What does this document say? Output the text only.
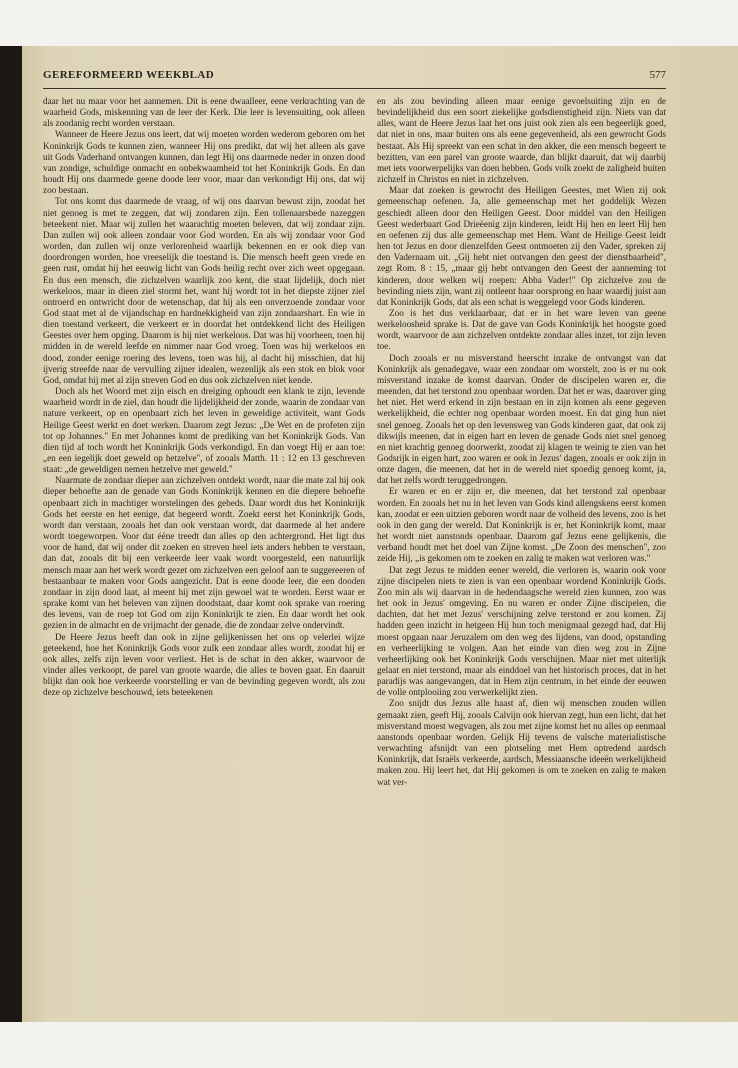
GEREFORMEERD WEEKBLAD	577

daar het nu maar voor het aannemen. Dit is eene dwaalleer, eene verkrachting van de waarheid Gods, miskenning van de leer der Kerk. Die leer is levensuiting, ook alleen als zoodanig recht worden verstaan.

Wanneer de Heere Jezus ons leert, dat wij moeten worden wederom geboren om het Koninkrijk Gods te kunnen zien, wanneer Hij ons predikt, dat wij het alleen als gave uit Gods Vaderhand ontvangen kunnen, dan legt Hij ons daarmede neder in onzen dood van zondige, schuldige onmacht en onbekwaamheid tot het Koninkrijk Gods. En dan houdt Hij ons daarmede geene doode leer voor, maar dan verkondigt Hij ons, dat wij zoo bestaan.

Tot ons komt dus daarmede de vraag, of wij ons daarvan bewust zijn, zoodat het niet genoeg is met te zeggen, dat wij zondaren zijn. Een tollenaarsbede nazeggen beteekent niet. Maar wij zullen het waarachtig moeten beleven, dat wij zondaar zijn. Dan zullen wij ook alleen zondaar voor God worden. En als wij zondaar voor God worden, dan zullen wij onze verlorenheid waarlijk bekennen en er ook diep van doordrongen worden, hoe vreeselijk die toestand is. Die mensch heeft geen vrede en geen rust, omdat hij het eeuwig licht van Gods heilig recht over zich weet opgegaan. En dus een mensch, die zichzelven waarlijk zoo kent, die staat lijdelijk, doch niet werkeloos, maar in dieen ziel stormt het, want hij wordt tot in het diepste zijner ziel ontroerd en ontwricht door de wetenschap, dat hij als een onverzoende zondaar voor God staat met al de vijandschap en hardnekkigheid van zijn zondaarshart. En wie in dien toestand verkeert, die verkeert er in doordat het ontdekkend licht des Heiligen Geestes over hem opging. Daarom is hij niet werkeloos. Dat was hij voorheen, toen hij midden in de wereld leefde en nimmer naar God vroeg. Toen was hij werkeloos en dood, zonder eenige roering des levens, toen was hij, al dacht hij misschien, dat hij ijverig streefde naar de vervulling zijner idealen, wezenlijk als een stok en blok voor God, omdat hij met al zijn streven God en dus ook zichzelven niet kende.

Doch als het Woord met zijn eisch en dreiging ophoudt een klank te zijn, levende waarheid wordt in de ziel, dan houdt die lijdelijkheid der zonde, waarin de zondaar van nature verkeert, op en openbaart zich het leven in geweldige activiteit, want Gods Heilige Geest werkt en doet werken. Daarom zegt Jezus: „De Wet en de profeten zijn tot op Johannes." En met Johannes komt de prediking van het Koninkrijk Gods. Van dien tijd af toch wordt het Koninkrijk Gods verkondigd. En dan voegt Hij er aan toe: „en een iegelijk doet geweld op hetzelve", of zooals Matth. 11 : 12 en 13 geschreven staat: „de geweldigen nemen hetzelve met geweld."

Naarmate de zondaar dieper aan zichzelven ontdekt wordt, naar die mate zal hij ook dieper behoefte aan de genade van Gods Koninkrijk kennen en die diepere behoefte openbaart zich in machtiger worstelingen des gebeds. Daar wordt dus het Koninkrijk Gods het eerste en het eenige, dat begeerd wordt. Zoekt eerst het Koninkrijk Gods, wordt dan verstaan, zooals het dan ook verstaan wordt, dat daarmede al het andere wordt toegeworpen. Voor dat ééne treedt dan alles op den achtergrond. Het ligt dus voor de hand, dat wij onder dit zoeken en streven heel iets anders hebben te verstaan, dan dat, zooals dit bij een verkeerde leer vaak wordt voorgesteld, een natuurlijk mensch maar aan het werk wordt gezet om zichzelven een geloof aan te suggereeren of bestaanbaar te maken voor Gods aangezicht. Dat is eene doode leer, die een dooden zondaar in zijn dood laat, al meent hij met zijn gewoel wat te worden. Eerst waar er sprake komt van het beleven van zijnen doodstaat, daar komt ook sprake van roering des levens, van de roep tot God om zijn Koninkrijk te zien. En daar wordt het ook gezien in de almacht en de vrijmacht der genade, die de zondaar zelve ondervindt.

De Heere Jezus heeft dan ook in zijne gelijkenissen het ons op velerlei wijze geteekend, hoe het Koninkrijk Gods voor zulk een zondaar alles wordt, zoodat hij er ook alles, zelfs zijn leven voor verliest. Het is de schat in den akker, waarvoor de vinder alles verkoopt, de parel van groote waarde, die alles te boven gaat. En daaruit blijkt dan ook hoe verkeerde voorstelling er van de bevinding gegeven wordt, als zou deze op zichzelve beschouwd, iets beteekenen

en als zou bevinding alleen maar eenige gevoelsuiting zijn en de bevindelijkheid dus een soort ziekelijke godsdienstigheid zijn. Niets van dat alles, want de Heere Jezus laat het ons juist ook zien als een begeerlijk goed, dat niet in ons, maar buiten ons als eene gegevenheid, als een gewrocht Gods bestaat. Als Hij spreekt van een schat in den akker, die een mensch begeert te bezitten, van een parel van groote waarde, dan blijkt daaruit, dat wij daarbij met iets voorwerpelijks van doen hebben. Gods volk zoekt de zaligheid buiten zichzelf in Christus en niet in zichzelven.

Maar dat zoeken is gewrocht des Heiligen Geestes, met Wien zij ook gemeenschap oefenen. Ja, alle gemeenschap met het goddelijk Wezen geschiedt alleen door den Heiligen Geest. Door middel van den Heiligen Geest wederbaart God Drieëenig zijn kinderen, leidt Hij hen en leert Hij hen en oefenen zij dus alle gemeenschap met Hem. Want de Heilige Geest leidt hen tot Jezus en door dienzelfden Geest ontmoeten zij den Vader, spreken zij den Vadernaam uit. „Gij hebt niet ontvangen den geest der dienstbaarheid", zegt Rom. 8 : 15, „maar gij hebt ontvangen den Geest der aanneming tot kinderen, door welken wij roepen: Abba Vader!" Op zichzelve zou de bevinding niets zijn, want zij ontleent haar oorsprong en haar waardij juist aan dat Koninkrijk Gods, dat als een schat is weggelegd voor Gods kinderen.

Zoo is het dus verklaarbaar, dat er in het ware leven van geene werkeloosheid sprake is. Dat de gave van Gods Koninkrijk het hoogste goed wordt, waarvoor de aan zichzelven ontdekte zondaar alles inzet, tot zijn leven toe.

Doch zooals er nu misverstand heerscht inzake de ontvangst van dat Koninkrijk als genadegave, waar een zondaar om worstelt, zoo is er nu ook misverstand inzake de komst daarvan. Onder de discipelen waren er, die meenden, dat het terstond zou openbaar worden. Dat het er was, daarover ging het niet. Het werd erkend in zijn bestaan en in zijn komen als eene gegeven werkelijkheid, die echter nog openbaar worden moest. En dat ging hun niet snel genoeg. Zooals het op den levensweg van Gods kinderen gaat, dat ook zij dikwijls meenen, dat in eigen hart en leven de genade Gods niet snel genoeg en niet krachtig genoeg doorwerkt, zoodat zij klagen te weinig te zien van het Godsrijk in eigen hart, zoo waren er ook in Jezus' dagen, zooals er ook zijn in onze dagen, die meenen, dat het in de wereld niet spoedig genoeg komt, ja, dat het zelfs wordt teruggedrongen.

Er waren er en er zijn er, die meenen, dat het terstond zal openbaar worden. En zooals het nu in het leven van Gods kind allengskens eerst komen kan, zoodat er een uitzien geboren wordt naar de volheid des levens, zoo is het ook in den gang der wereld. Dat Koninkrijk is er, het Koninkrijk komt, maar het wordt niet aanstonds openbaar. Daarom gaf Jezus eene gelijkenis, die verband houdt met het doel van Zijne komst. „De Zoon des menschen", zoo zeide Hij, „is gekomen om te zoeken en zalig te maken wat verloren was."

Dat zegt Jezus te midden eener wereld, die verloren is, waarin ook voor zijne discipelen niets te zien is van een openbaar wordend Koninkrijk Gods. Zoo min als wij daarvan in de hedendaagsche wereld zien kunnen, zoo was het ook in Jezus' omgeving. En nu waren er onder Zijne discipelen, die dachten, dat het met Jezus' verschijning zelve terstond er zou komen. Zij hadden geen inzicht in hetgeen Hij hun toch menigmaal gezegd had, dat Hij moest opgaan naar Jeruzalem om den weg des lijdens, van dood, opstanding en verheerlijking te volgen. Aan het einde van dien weg zou in Zijne verheerlijking ook het Koninkrijk Gods verschijnen. Maar niet met uiterlijk gelaat en niet terstond, maar als einddoel van het historisch proces, dat in het paradijs was aangevangen, dat in Hem zijn centrum, in het einde der eeuwen de volle ontplooiing zou verwerkelijkt zien.

Zoo snijdt dus Jezus alle haast af, dien wij menschen zouden willen gemaakt zien, geeft Hij, zooals Calvijn ook hiervan zegt, hun een licht, dat het misverstand moest wegvagen, als zou met zijne komst het nu alles op eenmaal aanstonds openbaar worden. Gelijk Hij tevens de valsche materialistische verwachting afsnijdt van een plotseling met Hem optredend aardsch Koninkrijk, dat Israëls verkeerde, aardsch, Messiaansche ideeën werkelijkheid maken zou. Hij leert het, dat Hij gekomen is om te zoeken en zalig te maken wat ver-
